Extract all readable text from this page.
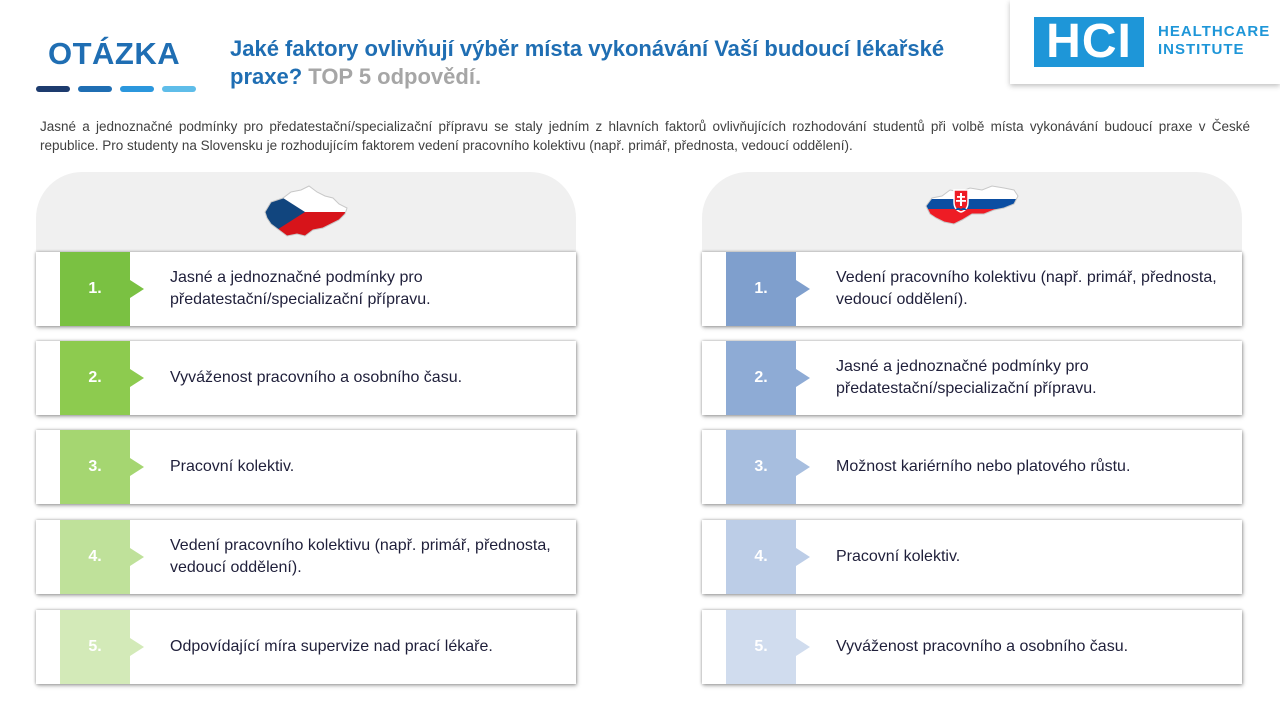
OTÁZKA Jaké faktory ovlivňují výběr místa vykonávání Vaší budoucí lékařské praxe? TOP 5 odpovědí.
HCI	HEALTHCARE
INSTITUTE

Jasné a jednoznačné podmínky pro předatestační/specializační přípravu se staly jedním z hlavních faktorů ovlivňujících rozhodování studentů při volbě místa vykonávání budoucí praxe v České republice. Pro studenty na Slovensku je rozhodujícím faktorem vedení pracovního kolektivu (např. primář, přednosta, vedoucí oddělení).

1.
Jasné a jednoznačné podmínky pro předatestační/specializační přípravu.
2.	Vyváženost pracovního a osobního času.
3.	Pracovní kolektiv.
4.
Vedení pracovního kolektivu (např. primář, přednosta, vedoucí oddělení).
5.	Odpovídající míra supervize nad prací lékaře.
1.
Vedení pracovního kolektivu (např. primář, přednosta, vedoucí oddělení).
2.
Jasné a jednoznačné podmínky pro předatestační/specializační přípravu.
3.	Možnost kariérního nebo platového růstu.
4.	Pracovní kolektiv.
5.	Vyváženost pracovního a osobního času.
